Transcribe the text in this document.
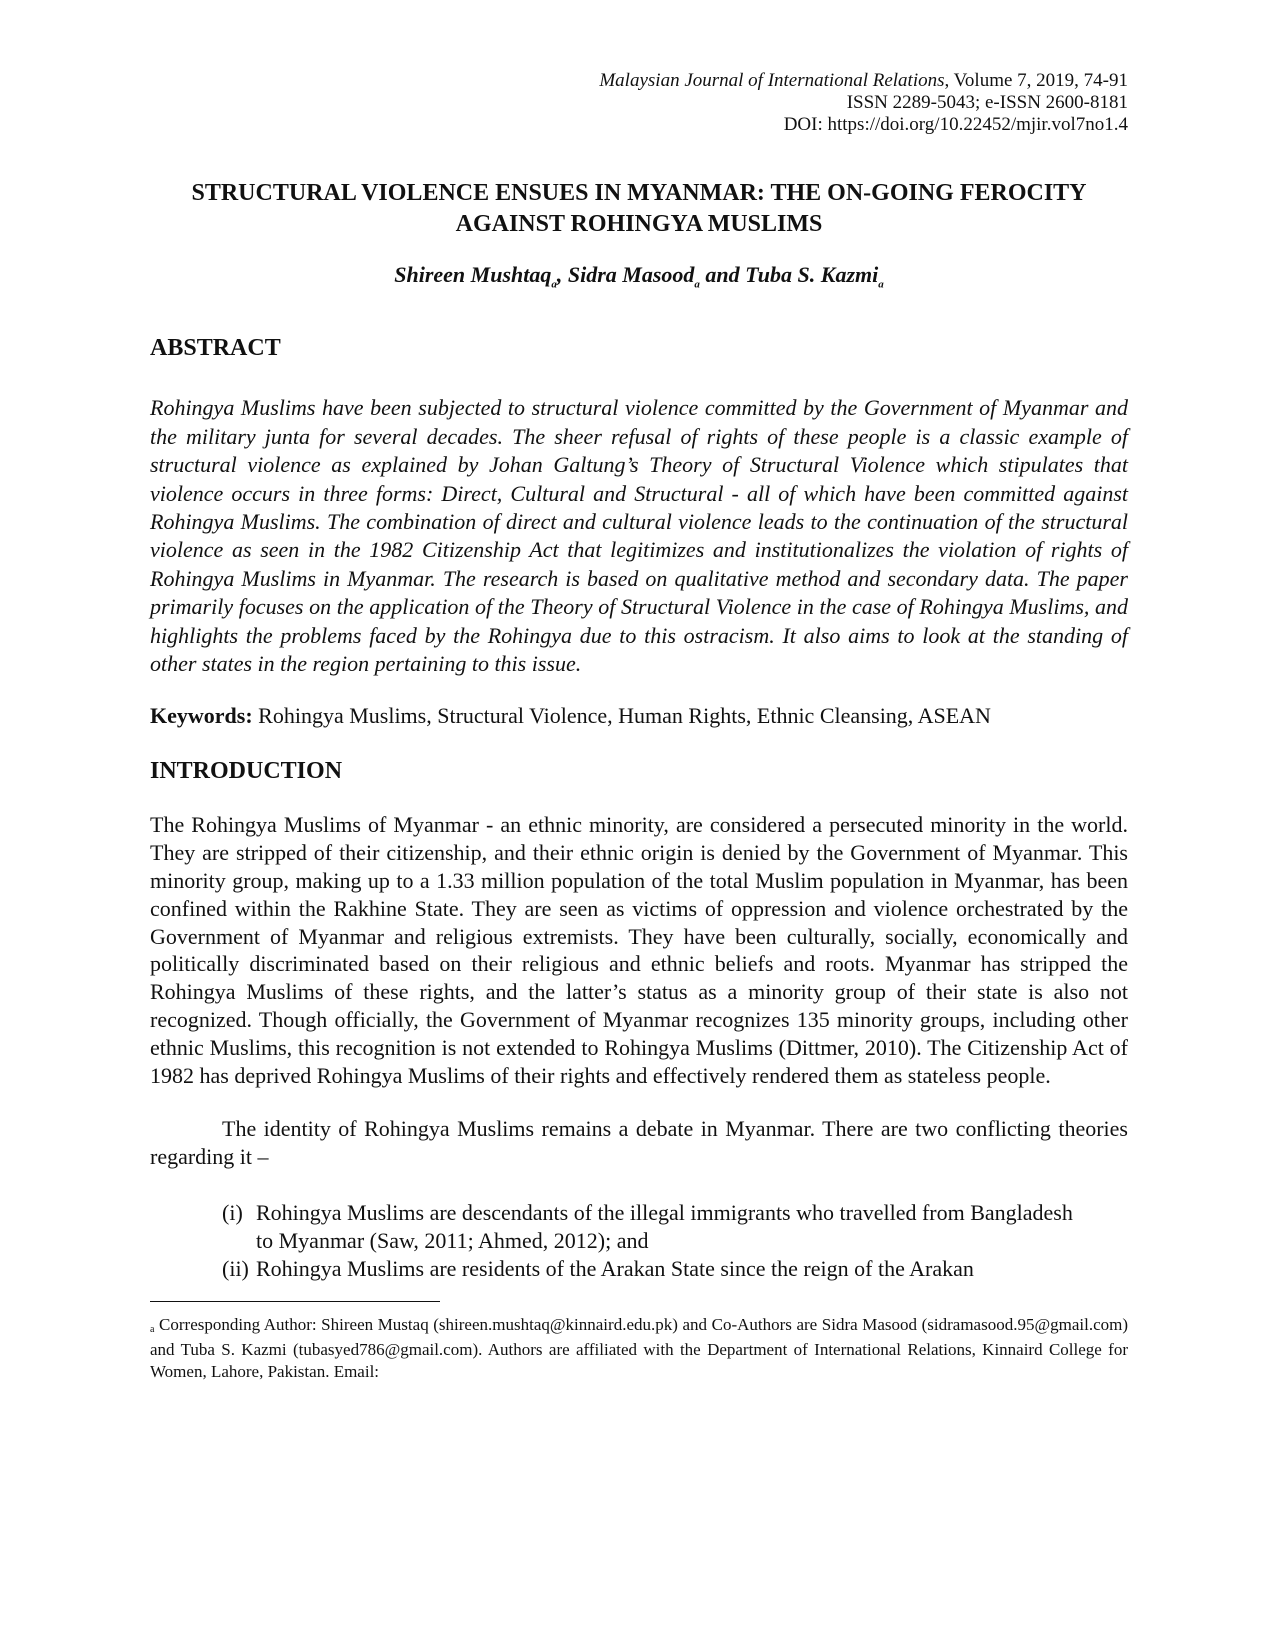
Malaysian Journal of International Relations, Volume 7, 2019, 74-91
ISSN 2289-5043; e-ISSN 2600-8181
DOI: https://doi.org/10.22452/mjir.vol7no1.4
STRUCTURAL VIOLENCE ENSUES IN MYANMAR: THE ON-GOING FEROCITY
AGAINST ROHINGYA MUSLIMS
Shireen Mushtaq$_a$, Sidra Masood$_a$ and Tuba S. Kazmi$_a$
ABSTRACT
Rohingya Muslims have been subjected to structural violence committed by the Government of Myanmar and the military junta for several decades. The sheer refusal of rights of these people is a classic example of structural violence as explained by Johan Galtung’s Theory of Structural Violence which stipulates that violence occurs in three forms: Direct, Cultural and Structural - all of which have been committed against Rohingya Muslims. The combination of direct and cultural violence leads to the continuation of the structural violence as seen in the 1982 Citizenship Act that legitimizes and institutionalizes the violation of rights of Rohingya Muslims in Myanmar. The research is based on qualitative method and secondary data. The paper primarily focuses on the application of the Theory of Structural Violence in the case of Rohingya Muslims, and highlights the problems faced by the Rohingya due to this ostracism. It also aims to look at the standing of other states in the region pertaining to this issue.
Keywords: Rohingya Muslims, Structural Violence, Human Rights, Ethnic Cleansing, ASEAN
INTRODUCTION
The Rohingya Muslims of Myanmar - an ethnic minority, are considered a persecuted minority in the world. They are stripped of their citizenship, and their ethnic origin is denied by the Government of Myanmar. This minority group, making up to a 1.33 million population of the total Muslim population in Myanmar, has been confined within the Rakhine State. They are seen as victims of oppression and violence orchestrated by the Government of Myanmar and religious extremists. They have been culturally, socially, economically and politically discriminated based on their religious and ethnic beliefs and roots. Myanmar has stripped the Rohingya Muslims of these rights, and the latter’s status as a minority group of their state is also not recognized. Though officially, the Government of Myanmar recognizes 135 minority groups, including other ethnic Muslims, this recognition is not extended to Rohingya Muslims (Dittmer, 2010). The Citizenship Act of 1982 has deprived Rohingya Muslims of their rights and effectively rendered them as stateless people.
The identity of Rohingya Muslims remains a debate in Myanmar. There are two conflicting theories regarding it –
(i) Rohingya Muslims are descendants of the illegal immigrants who travelled from Bangladesh to Myanmar (Saw, 2011; Ahmed, 2012); and
(ii) Rohingya Muslims are residents of the Arakan State since the reign of the Arakan
$^a$ Corresponding Author: Shireen Mustaq (shireen.mushtaq@kinnaird.edu.pk) and Co-Authors are Sidra Masood (sidramasood.95@gmail.com) and Tuba S. Kazmi (tubasyed786@gmail.com). Authors are affiliated with the Department of International Relations, Kinnaird College for Women, Lahore, Pakistan. Email:
